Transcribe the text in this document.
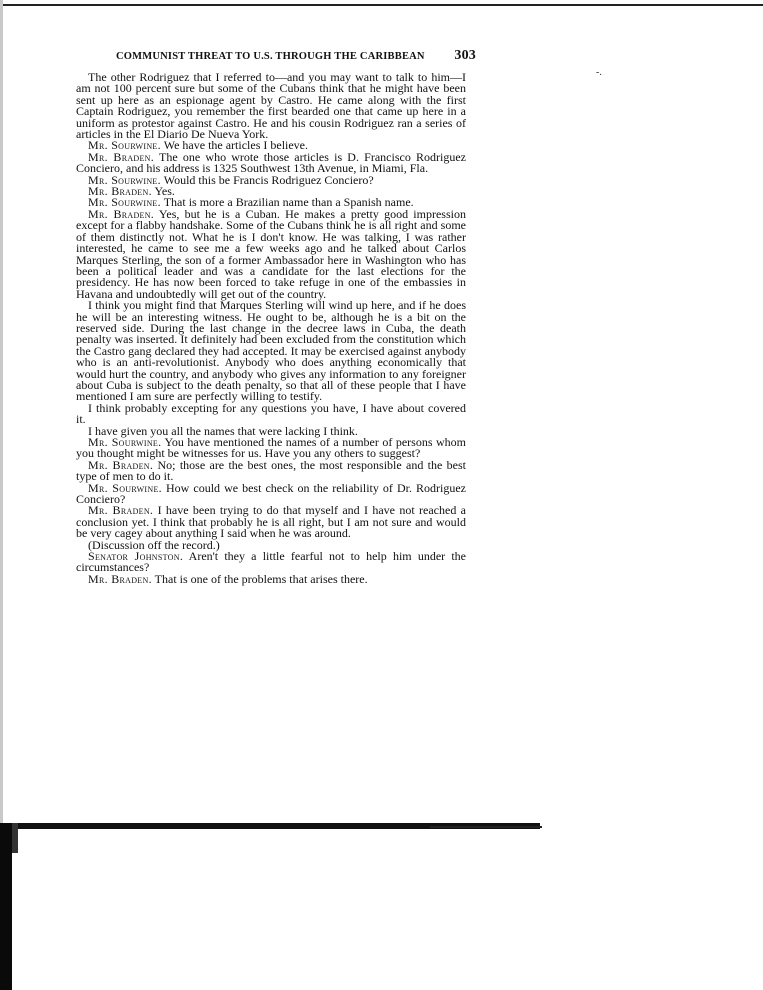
COMMUNIST THREAT TO U.S. THROUGH THE CARIBBEAN 303
-.

The other Rodriguez that I referred to—and you may want to talk to him—I am not 100 percent sure but some of the Cubans think that he might have been sent up here as an espionage agent by Castro. He came along with the first Captain Rodriguez, you remember the first bearded one that came up here in a uniform as protestor against Castro. He and his cousin Rodriguez ran a series of articles in the El Diario De Nueva York.

Mr. Sourwine. We have the articles I believe.

Mr. Braden. The one who wrote those articles is D. Francisco Rodriguez Conciero, and his address is 1325 Southwest 13th Avenue, in Miami, Fla.

Mr. Sourwine. Would this be Francis Rodriguez Conciero?

Mr. Braden. Yes.

Mr. Sourwine. That is more a Brazilian name than a Spanish name.

Mr. Braden. Yes, but he is a Cuban. He makes a pretty good impression except for a flabby handshake. Some of the Cubans think he is all right and some of them distinctly not. What he is I don't know. He was talking, I was rather interested, he came to see me a few weeks ago and he talked about Carlos Marques Sterling, the son of a former Ambassador here in Washington who has been a political leader and was a candidate for the last elections for the presidency. He has now been forced to take refuge in one of the embassies in Havana and undoubtedly will get out of the country.

I think you might find that Marques Sterling will wind up here, and if he does he will be an interesting witness. He ought to be, although he is a bit on the reserved side. During the last change in the decree laws in Cuba, the death penalty was inserted. It definitely had been excluded from the constitution which the Castro gang declared they had accepted. It may be exercised against anybody who is an anti-revolutionist. Anybody who does anything economically that would hurt the country, and anybody who gives any information to any foreigner about Cuba is subject to the death penalty, so that all of these people that I have mentioned I am sure are perfectly willing to testify.

I think probably excepting for any questions you have, I have about covered it.

I have given you all the names that were lacking I think.

Mr. Sourwine. You have mentioned the names of a number of persons whom you thought might be witnesses for us. Have you any others to suggest?

Mr. Braden. No; those are the best ones, the most responsible and the best type of men to do it.

Mr. Sourwine. How could we best check on the reliability of Dr. Rodriguez Conciero?

Mr. Braden. I have been trying to do that myself and I have not reached a conclusion yet. I think that probably he is all right, but I am not sure and would be very cagey about anything I said when he was around.

(Discussion off the record.)

Senator Johnston. Aren't they a little fearful not to help him under the circumstances?

Mr. Braden. That is one of the problems that arises there.
